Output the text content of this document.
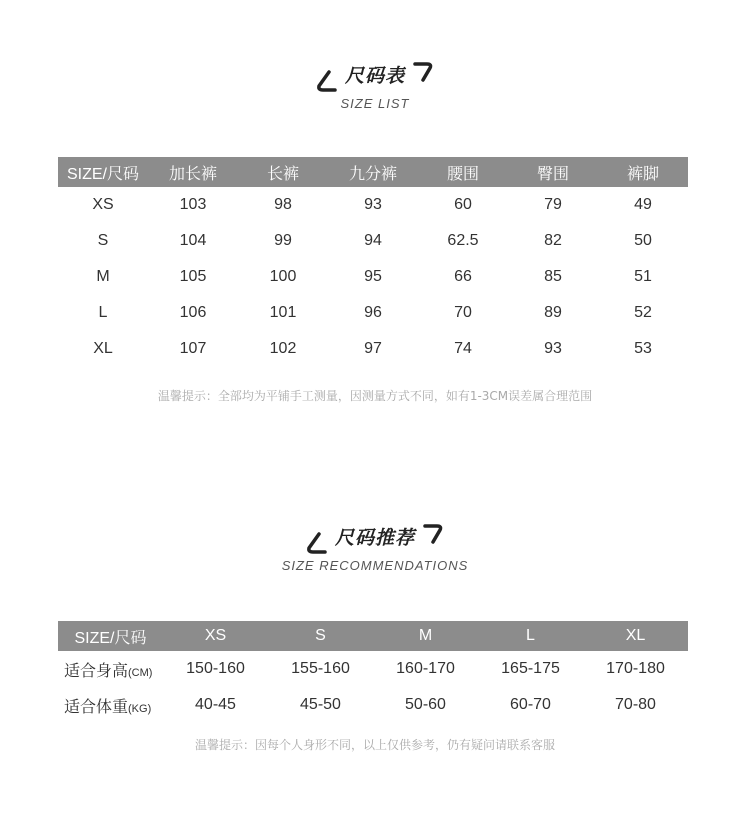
尺码表
SIZE LIST
SIZE/尺码	加长裤	长裤	九分裤	腰围	臀围	裤脚
XS	103	98	93	60	79	49
S	104	99	94	62.5	82	50
M	105	100	95	66	85	51
L	106	101	96	70	89	52
XL	107	102	97	74	93	53
温馨提示：全部均为平铺手工测量，因测量方式不同，如有1-3CM误差属合理范围
尺码推荐
SIZE RECOMMENDATIONS
SIZE/尺码	XS	S	M	L	XL
适合身高(CM)	150-160	155-160	160-170	165-175	170-180
适合体重(KG)	40-45	45-50	50-60	60-70	70-80
温馨提示：因每个人身形不同，以上仅供参考，仍有疑问请联系客服
